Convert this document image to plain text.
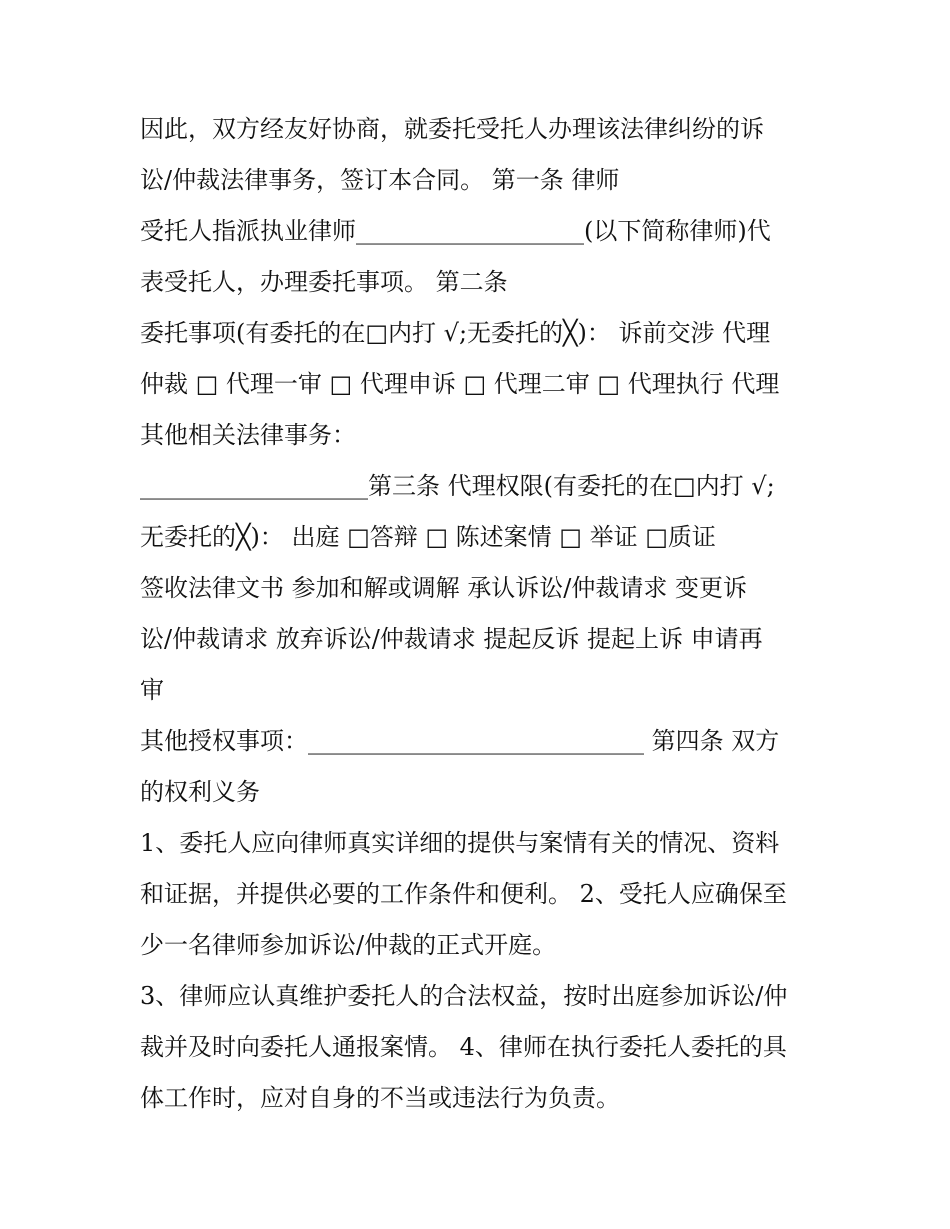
因此，双方经友好协商，就委托受托人办理该法律纠纷的诉
讼/仲裁法律事务，签订本合同。 第一条 律师
受托人指派执业律师___________________(以下简称律师)代
表受托人，办理委托事项。 第二条
委托事项(有委托的在□内打 √;无委托的╳)： 诉前交涉 代理
仲裁 □ 代理一审 □ 代理申诉 □ 代理二审 □ 代理执行 代理
其他相关法律事务：
___________________第三条 代理权限(有委托的在□内打 √;
无委托的╳)： 出庭 □答辩 □ 陈述案情 □ 举证 □质证
签收法律文书 参加和解或调解 承认诉讼/仲裁请求 变更诉
讼/仲裁请求 放弃诉讼/仲裁请求 提起反诉 提起上诉 申请再
审
其他授权事项：____________________________ 第四条 双方
的权利义务
1、委托人应向律师真实详细的提供与案情有关的情况、资料
和证据，并提供必要的工作条件和便利。 2、受托人应确保至
少一名律师参加诉讼/仲裁的正式开庭。
3、律师应认真维护委托人的合法权益，按时出庭参加诉讼/仲
裁并及时向委托人通报案情。 4、律师在执行委托人委托的具
体工作时，应对自身的不当或违法行为负责。
